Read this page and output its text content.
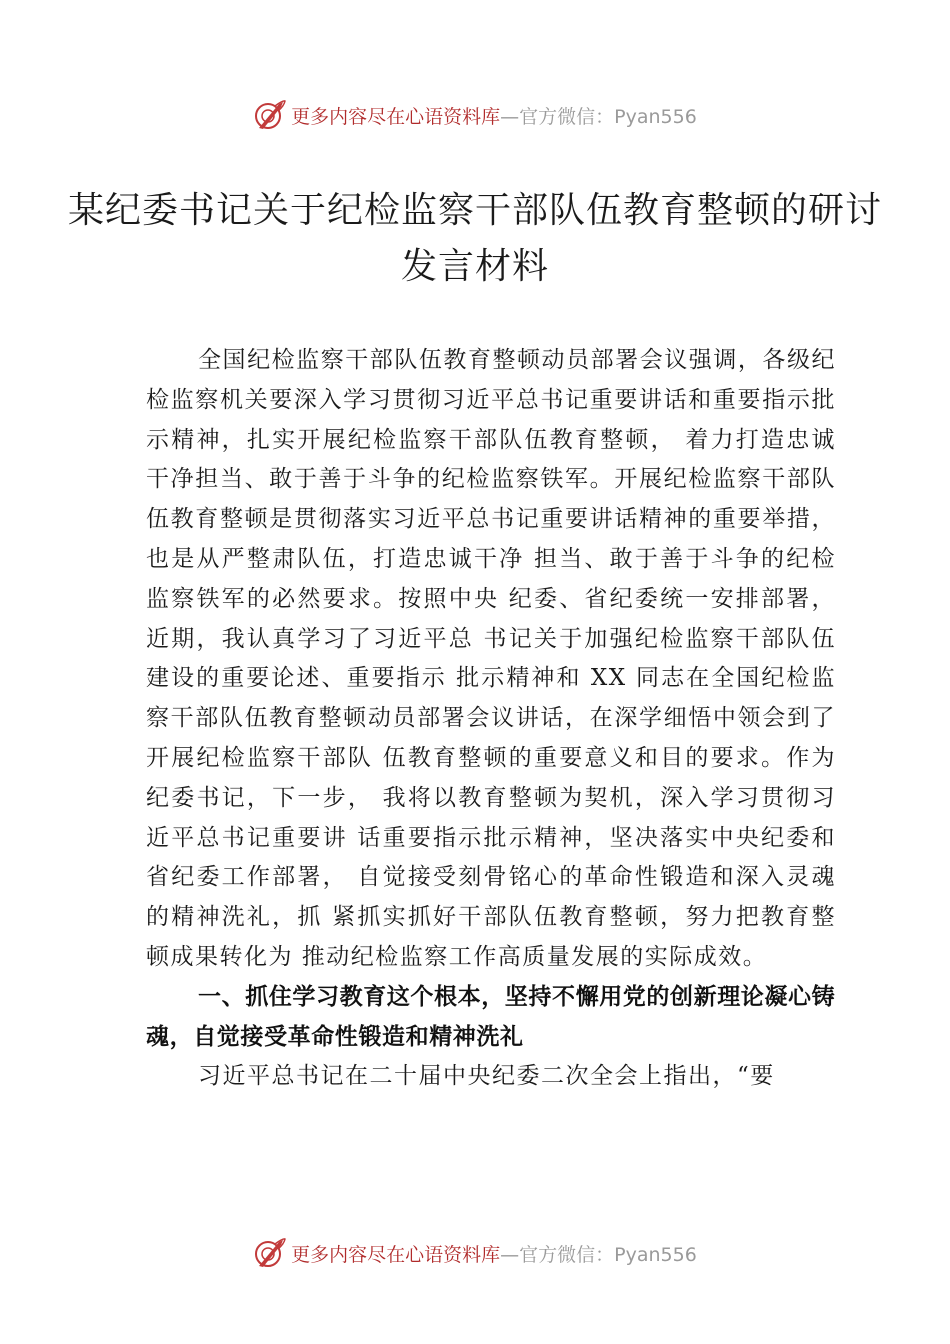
更多内容尽在心语资料库 —官方微信：Pyan556
某纪委书记关于纪检监察干部队伍教育整顿的研讨发言材料

全国纪检监察干部队伍教育整顿动员部署会议强调，各级纪检监察机关要深入学习贯彻习近平总书记重要讲话和重要指示批示精神，扎实开展纪检监察干部队伍教育整顿， 着力打造忠诚干净担当、敢于善于斗争的纪检监察铁军。开展纪检监察干部队伍教育整顿是贯彻落实习近平总书记重要讲话精神的重要举措，也是从严整肃队伍，打造忠诚干净 担当、敢于善于斗争的纪检监察铁军的必然要求。按照中央 纪委、省纪委统一安排部署，近期，我认真学习了习近平总 书记关于加强纪检监察干部队伍建设的重要论述、重要指示 批示精神和 XX 同志在全国纪检监察干部队伍教育整顿动员部署会议讲话，在深学细悟中领会到了开展纪检监察干部队 伍教育整顿的重要意义和目的要求。作为纪委书记，下一步， 我将以教育整顿为契机，深入学习贯彻习近平总书记重要讲 话重要指示批示精神，坚决落实中央纪委和省纪委工作部署， 自觉接受刻骨铭心的革命性锻造和深入灵魂的精神洗礼，抓 紧抓实抓好干部队伍教育整顿，努力把教育整顿成果转化为 推动纪检监察工作高质量发展的实际成效。

一、抓住学习教育这个根本，坚持不懈用党的创新理论凝心铸魂，自觉接受革命性锻造和精神洗礼

习近平总书记在二十届中央纪委二次全会上指出，“要

更多内容尽在心语资料库 —官方微信：Pyan556
